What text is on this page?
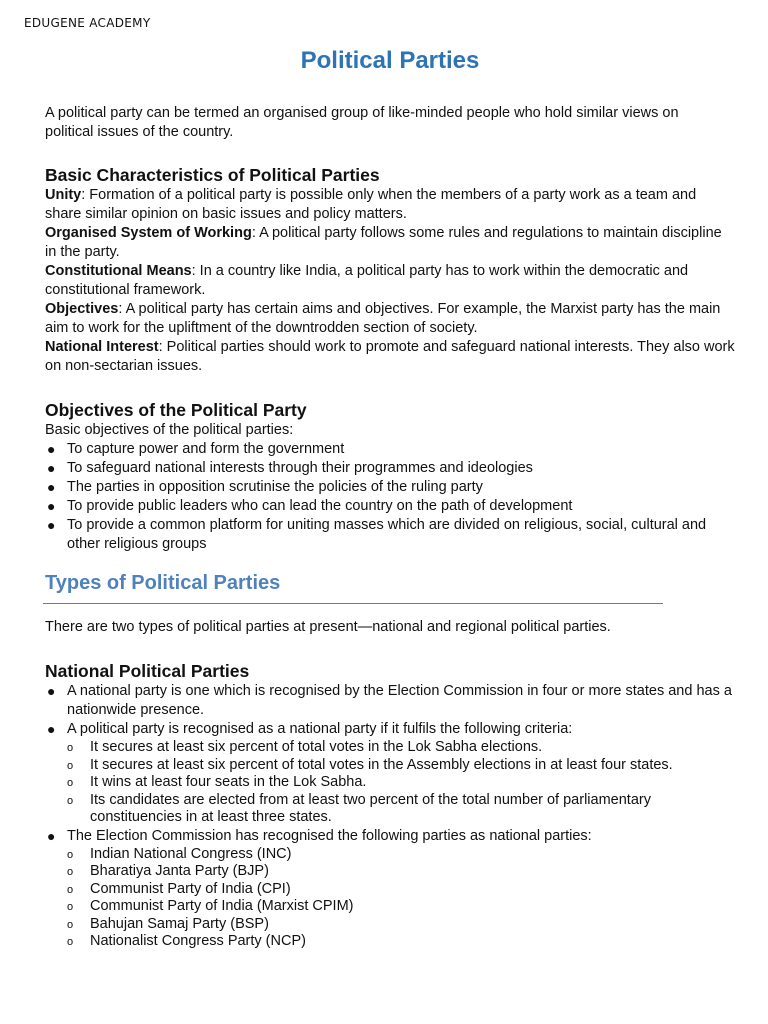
EDUGENE ACADEMY
Political Parties

A political party can be termed an organised group of like-minded people who hold similar views on political issues of the country.

Basic Characteristics of Political Parties

Unity: Formation of a political party is possible only when the members of a party work as a team and share similar opinion on basic issues and policy matters.

Organised System of Working: A political party follows some rules and regulations to maintain discipline in the party.

Constitutional Means: In a country like India, a political party has to work within the democratic and constitutional framework.

Objectives: A political party has certain aims and objectives. For example, the Marxist party has the main aim to work for the upliftment of the downtrodden section of society.

National Interest: Political parties should work to promote and safeguard national interests. They also work on non-sectarian issues.

Objectives of the Political Party

Basic objectives of the political parties:

● To capture power and form the government
● To safeguard national interests through their programmes and ideologies
● The parties in opposition scrutinise the policies of the ruling party
● To provide public leaders who can lead the country on the path of development
● To provide a common platform for uniting masses which are divided on religious, social, cultural and other religious groups
Types of Political Parties

There are two types of political parties at present—national and regional political parties.

National Political Parties
● A national party is one which is recognised by the Election Commission in four or more states and has a nationwide presence.
● A political party is recognised as a national party if it fulfils the following criteria:
o It secures at least six percent of total votes in the Lok Sabha elections.
o It secures at least six percent of total votes in the Assembly elections in at least four states.
o It wins at least four seats in the Lok Sabha.
o Its candidates are elected from at least two percent of the total number of parliamentary constituencies in at least three states.
● The Election Commission has recognised the following parties as national parties:
o Indian National Congress (INC)
o Bharatiya Janta Party (BJP)
o Communist Party of India (CPI)
o Communist Party of India (Marxist CPIM)
o Bahujan Samaj Party (BSP)
o Nationalist Congress Party (NCP)
